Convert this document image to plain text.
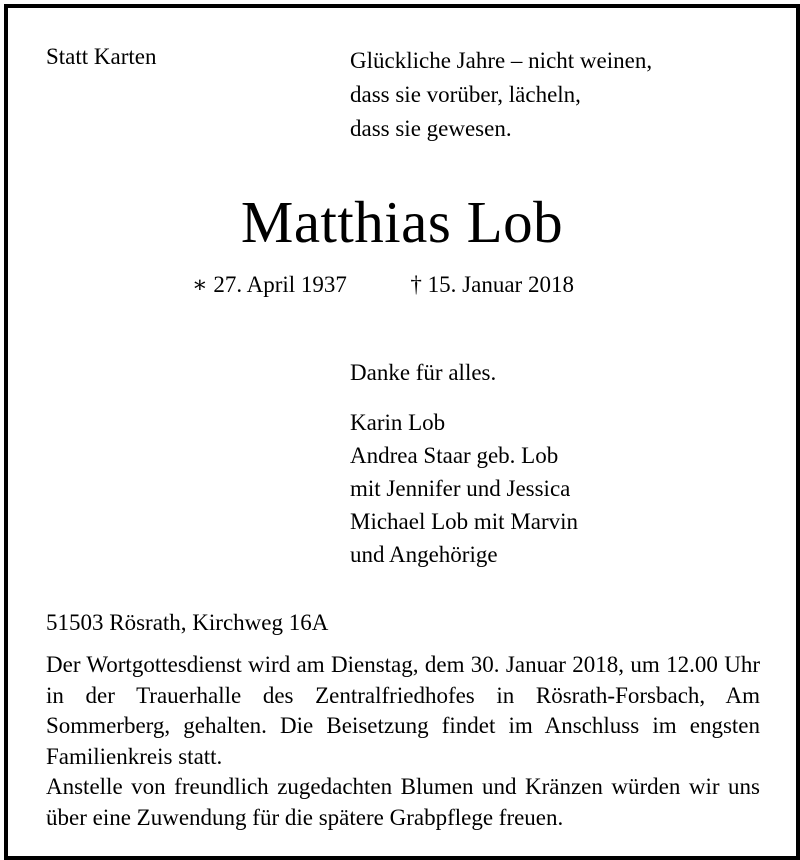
Statt Karten	Glückliche Jahre – nicht weinen,
dass sie vorüber, lächeln,
dass sie gewesen.
Matthias Lob
∗ 27. April 1937	† 15. Januar 2018
Danke für alles.
Karin Lob
Andrea Staar geb. Lob
mit Jennifer und Jessica
Michael Lob mit Marvin
und Angehörige
51503 Rösrath, Kirchweg 16A

Der Wortgottesdienst wird am Dienstag, dem 30. Januar 2018, um 12.00 Uhr in der Trauerhalle des Zentralfriedhofes in Rösrath-Forsbach, Am Sommerberg, gehalten. Die Beisetzung findet im Anschluss im engsten Familienkreis statt.

Anstelle von freundlich zugedachten Blumen und Kränzen würden wir uns über eine Zuwendung für die spätere Grabpflege freuen.
